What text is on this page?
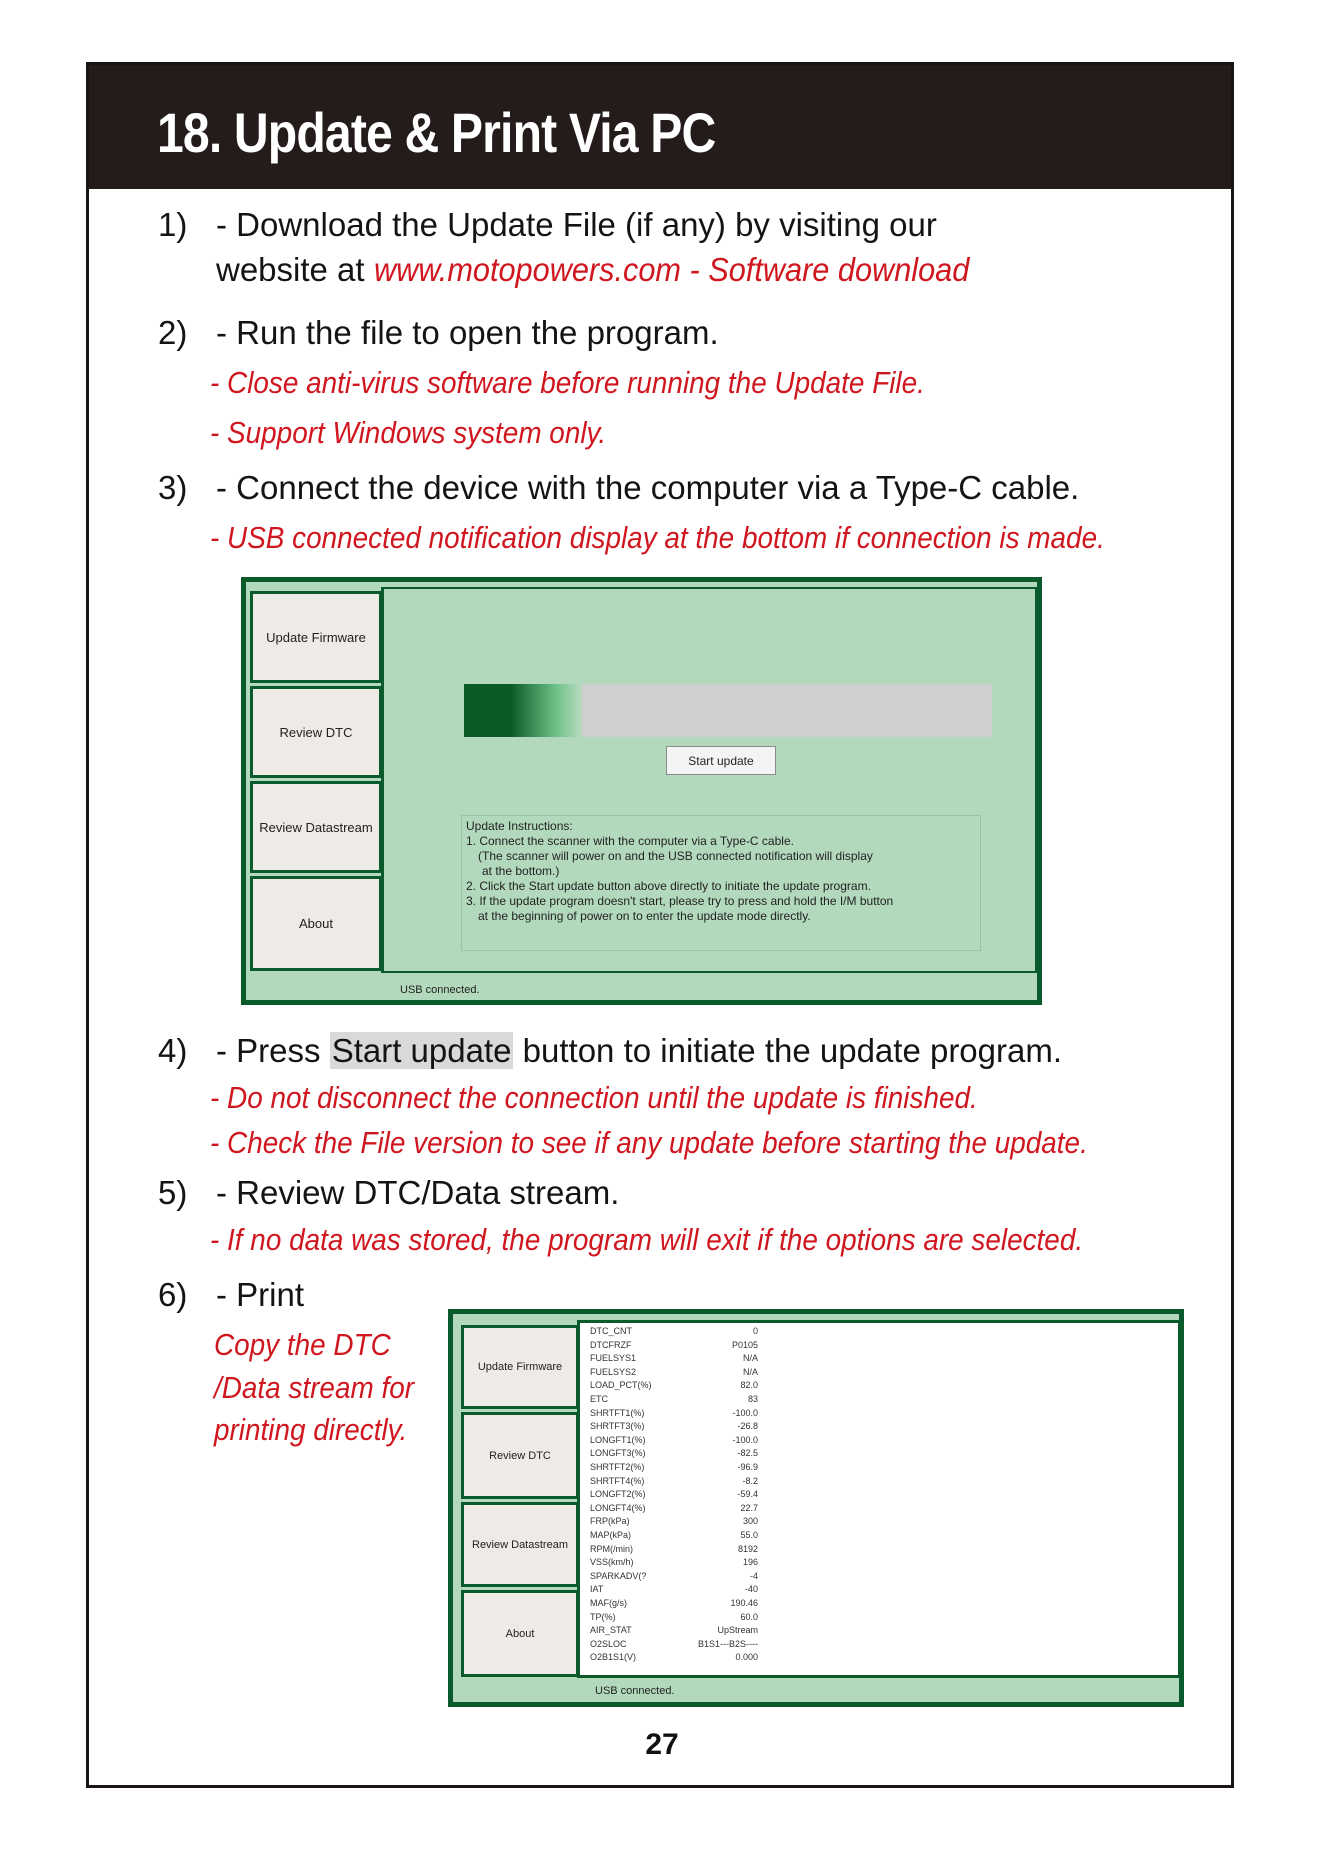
18. Update & Print Via PC
1) - Download the Update File (if any) by visiting our
website at www.motopowers.com - Software download
2) - Run the file to open the program.
- Close anti-virus software before running the Update File.
- Support Windows system only.
3) - Connect the device with the computer via a Type-C cable.
- USB connected notification display at the bottom if connection is made.
Update Firmware
Review DTC
Review Datastream
About
Start update
Update Instructions:
1. Connect the scanner with the computer via a Type-C cable.
(The scanner will power on and the USB connected notification will display
at the bottom.)
2. Click the Start update button above directly to initiate the update program.
3. If the update program doesn't start, please try to press and hold the I/M button
at the beginning of power on to enter the update mode directly.
USB connected.
4) - Press Start update button to initiate the update program.
- Do not disconnect the connection until the update is finished.
- Check the File version to see if any update before starting the update.
5) - Review DTC/Data stream.
- If no data was stored, the program will exit if the options are selected.
6) - Print
Copy the DTC
/Data stream for
printing directly.
Update Firmware
Review DTC
Review Datastream
About
DTC_CNT	0
DTCFRZF	P0105
FUELSYS1	N/A
FUELSYS2	N/A
LOAD_PCT(%)	82.0
ETC	83
SHRTFT1(%)	-100.0
SHRTFT3(%)	-26.8
LONGFT1(%)	-100.0
LONGFT3(%)	-82.5
SHRTFT2(%)	-96.9
SHRTFT4(%)	-8.2
LONGFT2(%)	-59.4
LONGFT4(%)	22.7
FRP(kPa)	300
MAP(kPa)	55.0
RPM(/min)	8192
VSS(km/h)	196
SPARKADV(?	-4
IAT	-40
MAF(g/s)	190.46
TP(%)	60.0
AIR_STAT	UpStream
O2SLOC	B1S1---B2S----
O2B1S1(V)	0.000
USB connected.
27
